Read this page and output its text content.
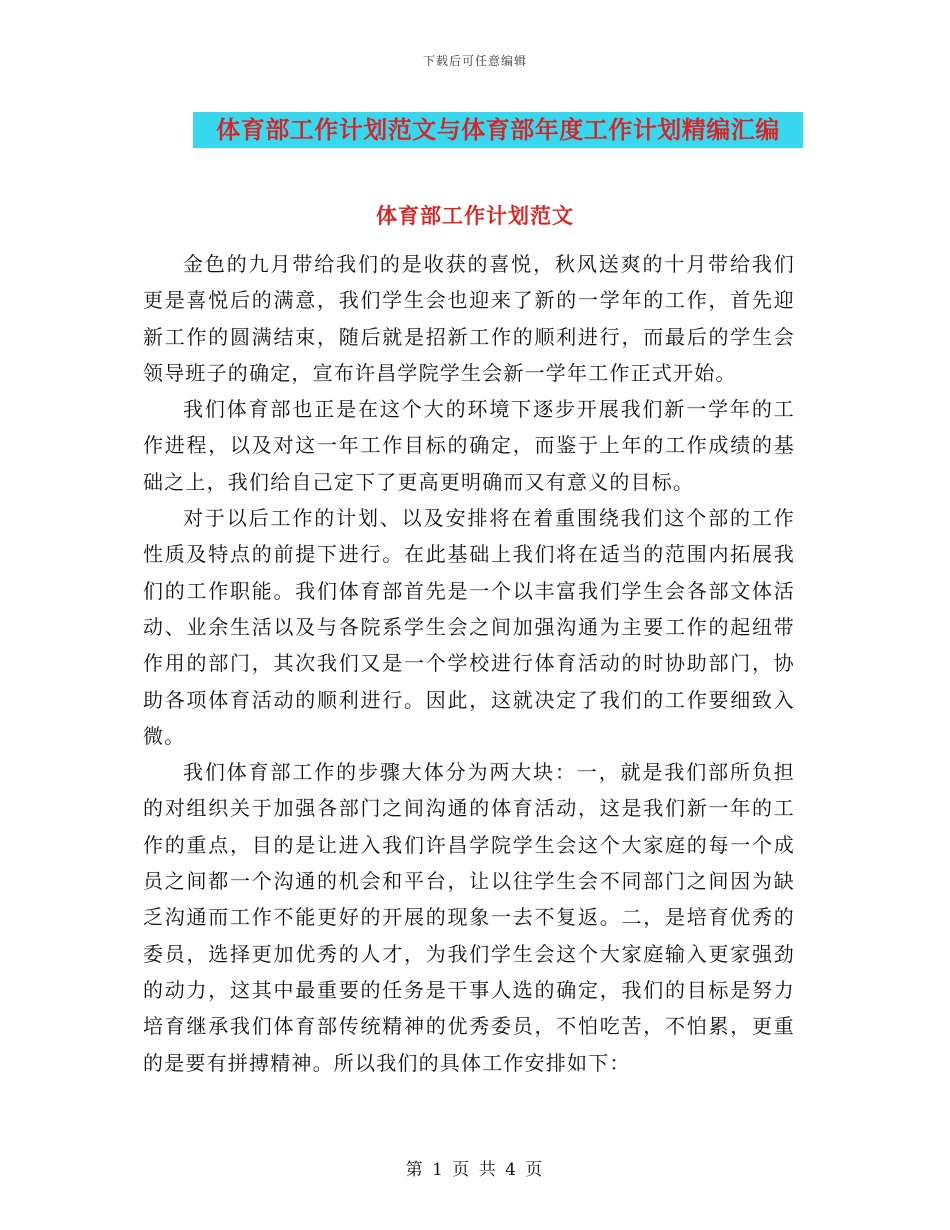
下载后可任意编辑
体育部工作计划范文与体育部年度工作计划精编汇编
体育部工作计划范文

金色的九月带给我们的是收获的喜悦，秋风送爽的十月带给我们更是喜悦后的满意，我们学生会也迎来了新的一学年的工作，首先迎新工作的圆满结束，随后就是招新工作的顺利进行，而最后的学生会领导班子的确定，宣布许昌学院学生会新一学年工作正式开始。

我们体育部也正是在这个大的环境下逐步开展我们新一学年的工作进程，以及对这一年工作目标的确定，而鉴于上年的工作成绩的基础之上，我们给自己定下了更高更明确而又有意义的目标。

对于以后工作的计划、以及安排将在着重围绕我们这个部的工作性质及特点的前提下进行。在此基础上我们将在适当的范围内拓展我们的工作职能。我们体育部首先是一个以丰富我们学生会各部文体活动、业余生活以及与各院系学生会之间加强沟通为主要工作的起纽带作用的部门，其次我们又是一个学校进行体育活动的时协助部门，协助各项体育活动的顺利进行。因此，这就决定了我们的工作要细致入微。

我们体育部工作的步骤大体分为两大块：一，就是我们部所负担的对组织关于加强各部门之间沟通的体育活动，这是我们新一年的工作的重点，目的是让进入我们许昌学院学生会这个大家庭的每一个成员之间都一个沟通的机会和平台，让以往学生会不同部门之间因为缺乏沟通而工作不能更好的开展的现象一去不复返。二，是培育优秀的委员，选择更加优秀的人才，为我们学生会这个大家庭输入更家强劲的动力，这其中最重要的任务是干事人选的确定，我们的目标是努力培育继承我们体育部传统精神的优秀委员，不怕吃苦，不怕累，更重的是要有拼搏精神。所以我们的具体工作安排如下：

第 1 页 共 4 页
